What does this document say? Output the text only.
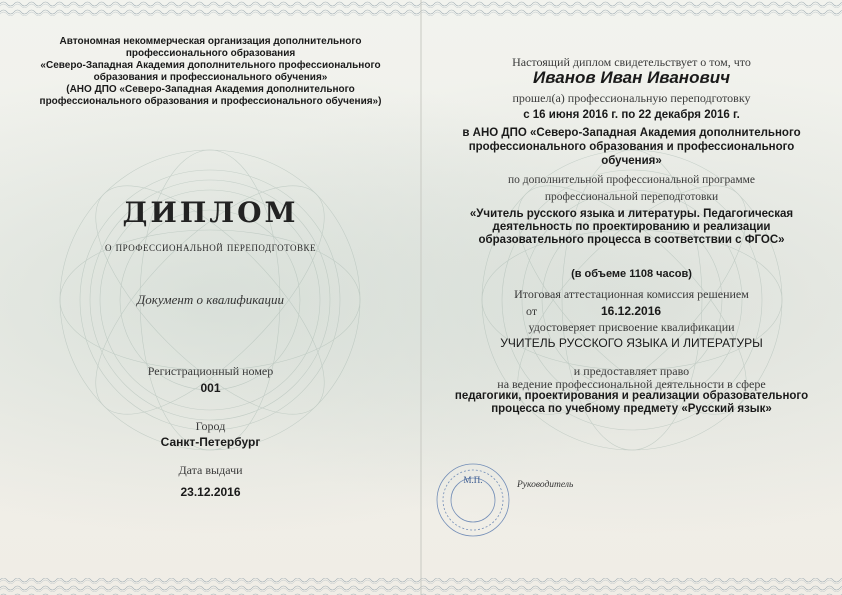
Автономная некоммерческая организация дополнительного
профессионального образования
«Северо-Западная Академия дополнительного профессионального
образования и профессионального обучения»
(АНО ДПО «Северо-Западная Академия дополнительного
профессионального образования и профессионального обучения»)
ДИПЛОМ
о профессиональной переподготовке
Документ о квалификации
Регистрационный номер
001
Город
Санкт-Петербург
Дата выдачи
23.12.2016
Настоящий диплом свидетельствует о том, что
Иванов Иван Иванович
прошел(а) профессиональную переподготовку
с 16 июня 2016 г. по 22 декабря 2016 г.
в АНО ДПО «Северо-Западная Академия дополнительного
профессионального образования и профессионального
обучения»
по дополнительной профессиональной программе
профессиональной переподготовки
«Учитель русского языка и литературы. Педагогическая
деятельность по проектированию и реализации
образовательного процесса в соответствии с ФГОС»
(в объеме 1108 часов)
Итоговая аттестационная комиссия решением
от	16.12.2016
удостоверяет присвоение квалификации
УЧИТЕЛЬ РУССКОГО ЯЗЫКА И ЛИТЕРАТУРЫ
и предоставляет право
на ведение профессиональной деятельности в сфере
педагогики, проектирования и реализации образовательного
процесса по учебному предмету «Русский язык»
М.П.	Руководитель
